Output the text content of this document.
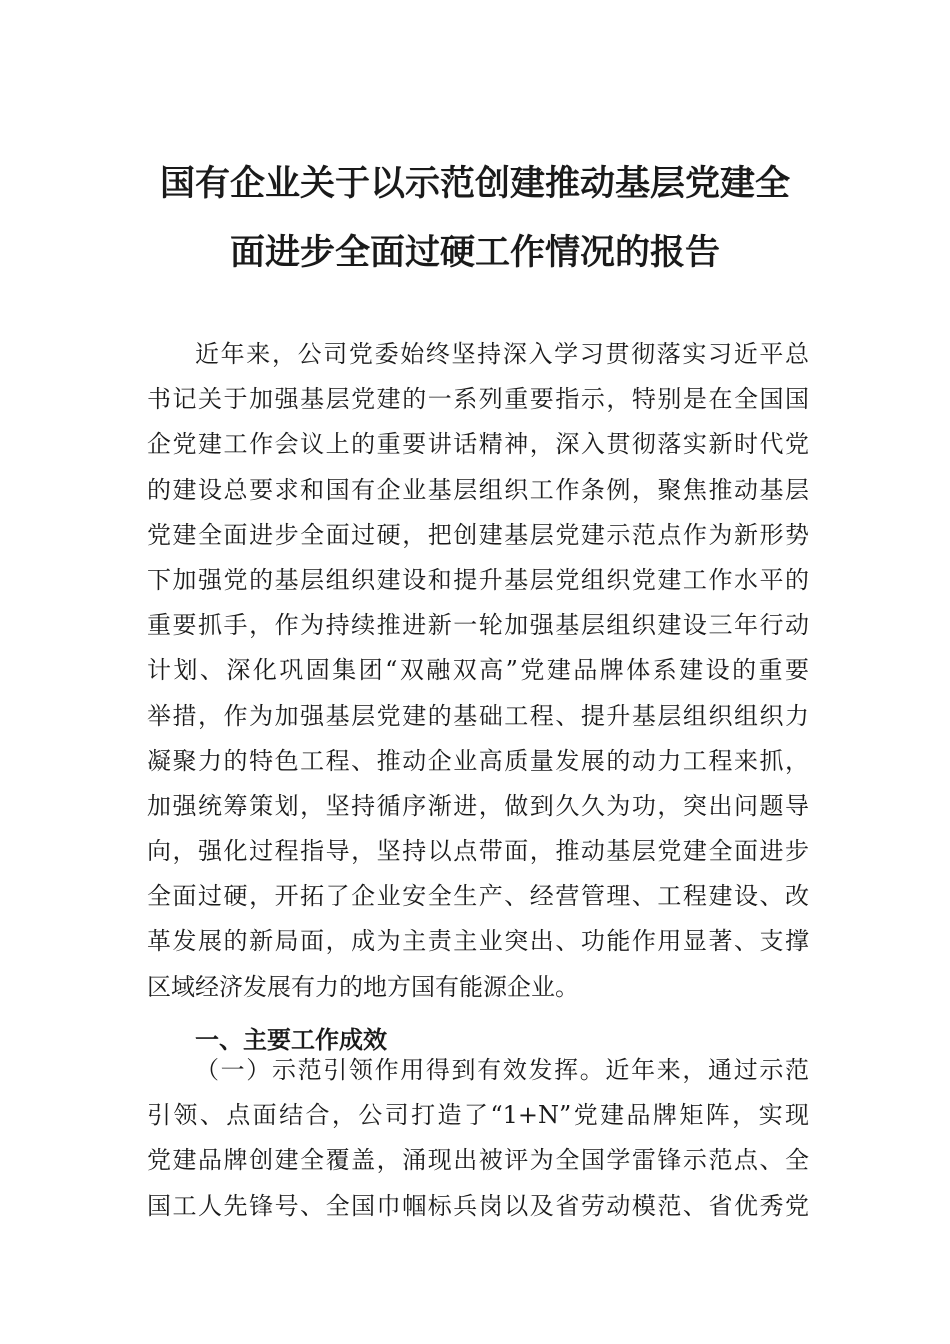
国有企业关于以示范创建推动基层党建全
面进步全面过硬工作情况的报告
近年来，公司党委始终坚持深入学习贯彻落实习近平总
书记关于加强基层党建的一系列重要指示，特别是在全国国
企党建工作会议上的重要讲话精神，深入贯彻落实新时代党
的建设总要求和国有企业基层组织工作条例，聚焦推动基层
党建全面进步全面过硬，把创建基层党建示范点作为新形势
下加强党的基层组织建设和提升基层党组织党建工作水平的
重要抓手，作为持续推进新一轮加强基层组织建设三年行动
计划、深化巩固集团“双融双高”党建品牌体系建设的重要
举措，作为加强基层党建的基础工程、提升基层组织组织力
凝聚力的特色工程、推动企业高质量发展的动力工程来抓，
加强统筹策划，坚持循序渐进，做到久久为功，突出问题导
向，强化过程指导，坚持以点带面，推动基层党建全面进步
全面过硬，开拓了企业安全生产、经营管理、工程建设、改
革发展的新局面，成为主责主业突出、功能作用显著、支撑
区域经济发展有力的地方国有能源企业。
一、主要工作成效
（一）示范引领作用得到有效发挥。近年来，通过示范
引领、点面结合，公司打造了“1+N”党建品牌矩阵，实现
党建品牌创建全覆盖，涌现出被评为全国学雷锋示范点、全
国工人先锋号、全国巾帼标兵岗以及省劳动模范、省优秀党
